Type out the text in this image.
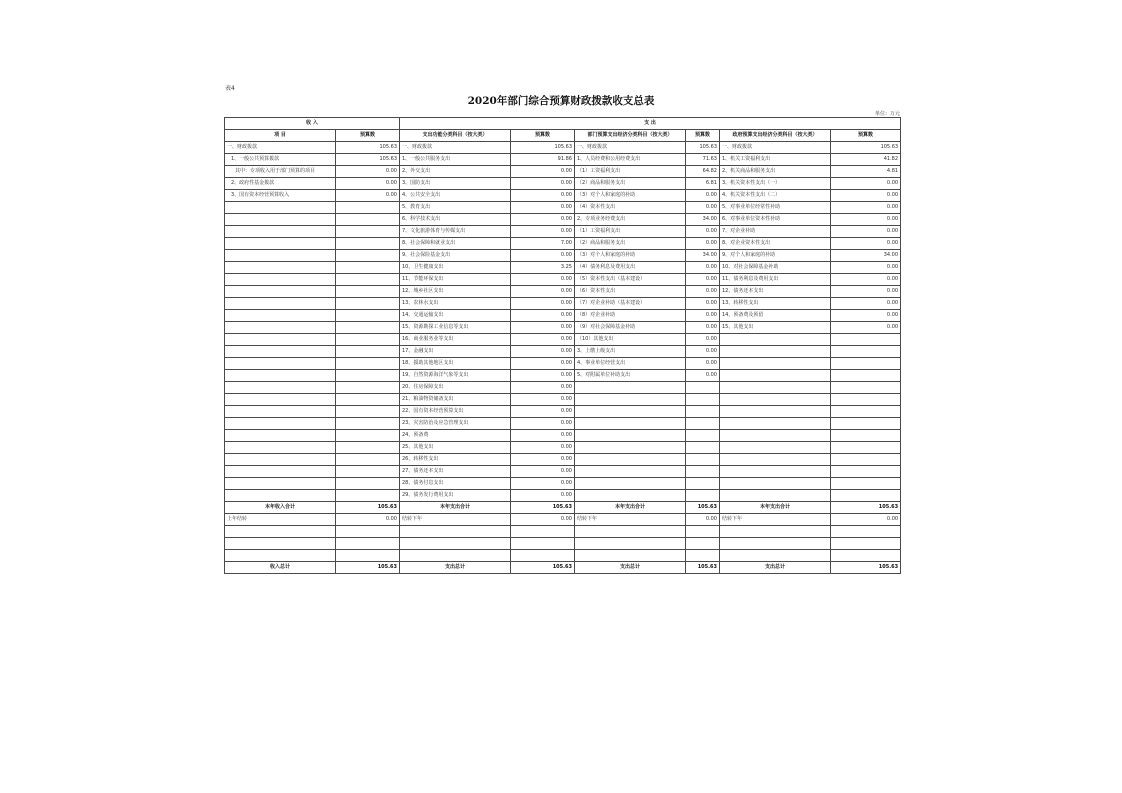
表4
2020年部门综合预算财政拨款收支总表
单位：万元
收 入		支 出					
项 目	预算数	支出功能分类科目（按大类）	预算数	部门预算支出经济分类科目（按大类）	预算数	政府预算支出经济分类科目（按大类）	预算数
一、财政拨款	105.63	一、财政拨款	105.63	一、财政拨款	105.63	一、财政拨款	105.63
1、一般公共预算拨款	105.63	1、一般公共服务支出	91.86	1、人员经费和公用经费支出	71.63	1、机关工资福利支出	41.82
其中：专项收入用于部门预算的项目	0.00	2、外交支出	0.00	（1）工资福利支出	64.82	2、机关商品和服务支出	4.81
2、政府性基金拨款	0.00	3、国防支出	0.00	（2）商品和服务支出	6.81	3、机关资本性支出（一）	0.00
3、国有资本经营预算收入	0.00	4、公共安全支出	0.00	（3）对个人和家庭的补助	0.00	4、机关资本性支出（二）	0.00
		5、教育支出	0.00	（4）资本性支出	0.00	5、对事业单位经常性补助	0.00
		6、科学技术支出	0.00	2、专项业务经费支出	34.00	6、对事业单位资本性补助	0.00
		7、文化旅游体育与传媒支出	0.00	（1）工资福利支出	0.00	7、对企业补助	0.00
		8、社会保障和就业支出	7.00	（2）商品和服务支出	0.00	8、对企业资本性支出	0.00
		9、社会保险基金支出	0.00	（3）对个人和家庭的补助	34.00	9、对个人和家庭的补助	34.00
		10、卫生健康支出	3.25	（4）债务利息及费用支出	0.00	10、对社会保障基金补助	0.00
		11、节能环保支出	0.00	（5）资本性支出（基本建设）	0.00	11、债务利息及费用支出	0.00
		12、城乡社区支出	0.00	（6）资本性支出	0.00	12、债务还本支出	0.00
		13、农林水支出	0.00	（7）对企业补助（基本建设）	0.00	13、转移性支出	0.00
		14、交通运输支出	0.00	（8）对企业补助	0.00	14、预备费及预留	0.00
		15、资源勘探工业信息等支出	0.00	（9）对社会保障基金补助	0.00	15、其他支出	0.00
		16、商业服务业等支出	0.00	（10）其他支出	0.00		
		17、金融支出	0.00	3、上缴上级支出	0.00		
		18、援助其他地区支出	0.00	4、事业单位经营支出	0.00		
		19、自然资源海洋气象等支出	0.00	5、对附属单位补助支出	0.00		
		20、住房保障支出	0.00				
		21、粮油物资储备支出	0.00				
		22、国有资本经营预算支出	0.00				
		23、灾害防治及应急管理支出	0.00				
		24、预备费	0.00				
		25、其他支出	0.00				
		26、转移性支出	0.00				
		27、债务还本支出	0.00				
		28、债务付息支出	0.00				
		29、债务发行费用支出	0.00				
本年收入合计	105.63	本年支出合计	105.63	本年支出合计	105.63	本年支出合计	105.63
上年结转	0.00	结转下年	0.00	结转下年	0.00	结转下年	0.00

收入总计	105.63	支出总计	105.63	支出总计	105.63	支出总计	105.63
